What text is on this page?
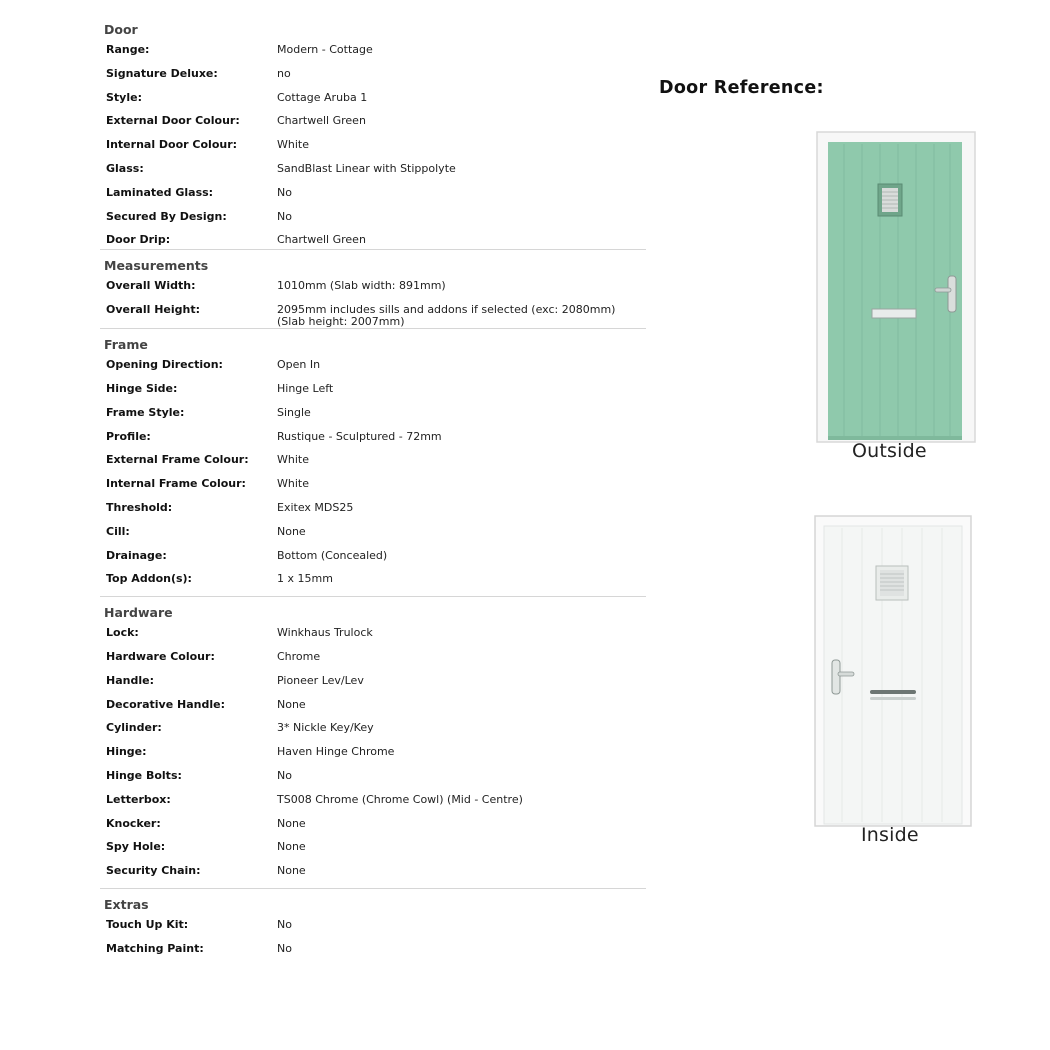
Door
Range:	Modern - Cottage
Signature Deluxe:	no
Style:	Cottage Aruba 1
External Door Colour:	Chartwell Green
Internal Door Colour:	White
Glass:	SandBlast Linear with Stippolyte
Laminated Glass:	No
Secured By Design:	No
Door Drip:	Chartwell Green
Measurements
Overall Width:	1010mm (Slab width: 891mm)
Overall Height:	2095mm includes sills and addons if selected (exc: 2080mm) (Slab height: 2007mm)
Frame
Opening Direction:	Open In
Hinge Side:	Hinge Left
Frame Style:	Single
Profile:	Rustique - Sculptured - 72mm
External Frame Colour:	White
Internal Frame Colour:	White
Threshold:	Exitex MDS25
Cill:	None
Drainage:	Bottom (Concealed)
Top Addon(s):	1 x 15mm
Hardware
Lock:	Winkhaus Trulock
Hardware Colour:	Chrome
Handle:	Pioneer Lev/Lev
Decorative Handle:	None
Cylinder:	3* Nickle Key/Key
Hinge:	Haven Hinge Chrome
Hinge Bolts:	No
Letterbox:	TS008 Chrome (Chrome Cowl) (Mid - Centre)
Knocker:	None
Spy Hole:	None
Security Chain:	None
Extras
Touch Up Kit:	No
Matching Paint:	No
Door Reference:
Outside
Inside
